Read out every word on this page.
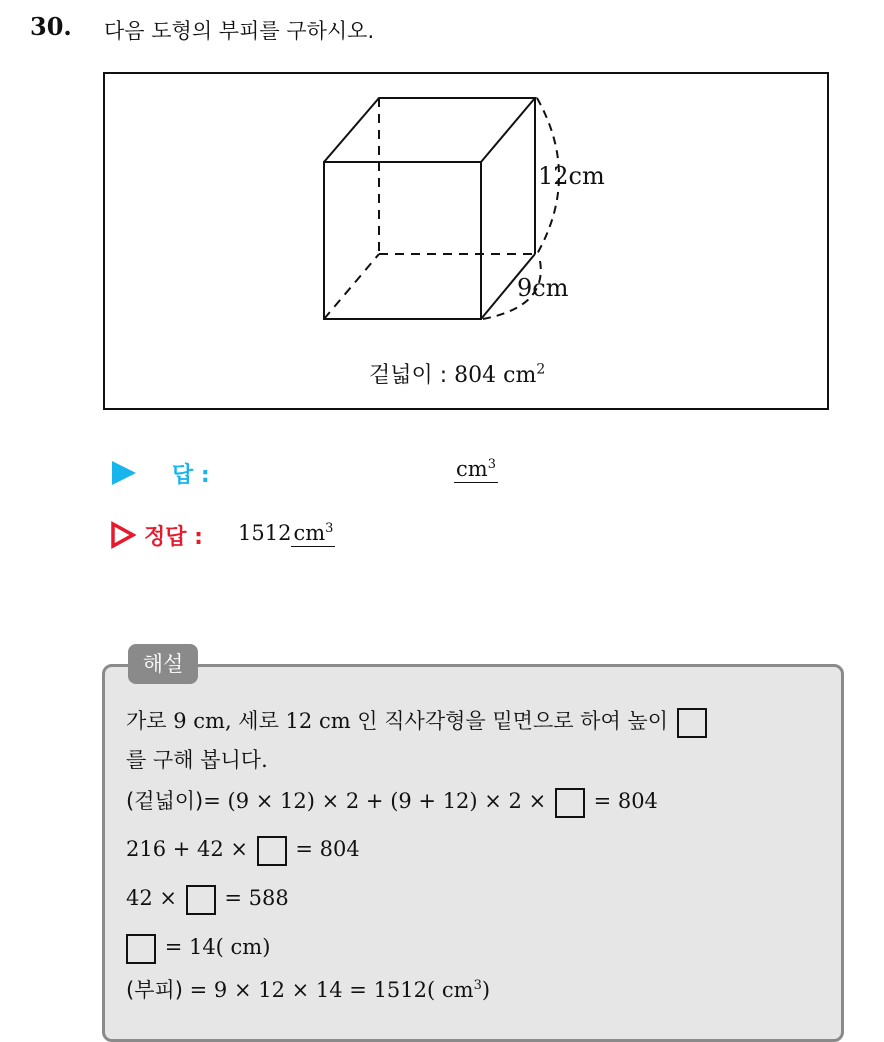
30. 다음 도형의 부피를 구하시오.
12cm
9cm
겉넓이 : 804 $cm^2$
답 :	$cm^3$
정답 : $1512cm^3$
해설
가로 9 cm, 세로 12 cm 인 직사각형을 밑면으로 하여 높이
를 구해 봅니다.
(겉넓이)= (9 × 12) × 2 + (9 + 12) × 2 × = 804
216 + 42 × = 804
42 × = 588
= 14( cm)
(부피) = 9 × 12 × 14 = 1512( $cm^3$)
